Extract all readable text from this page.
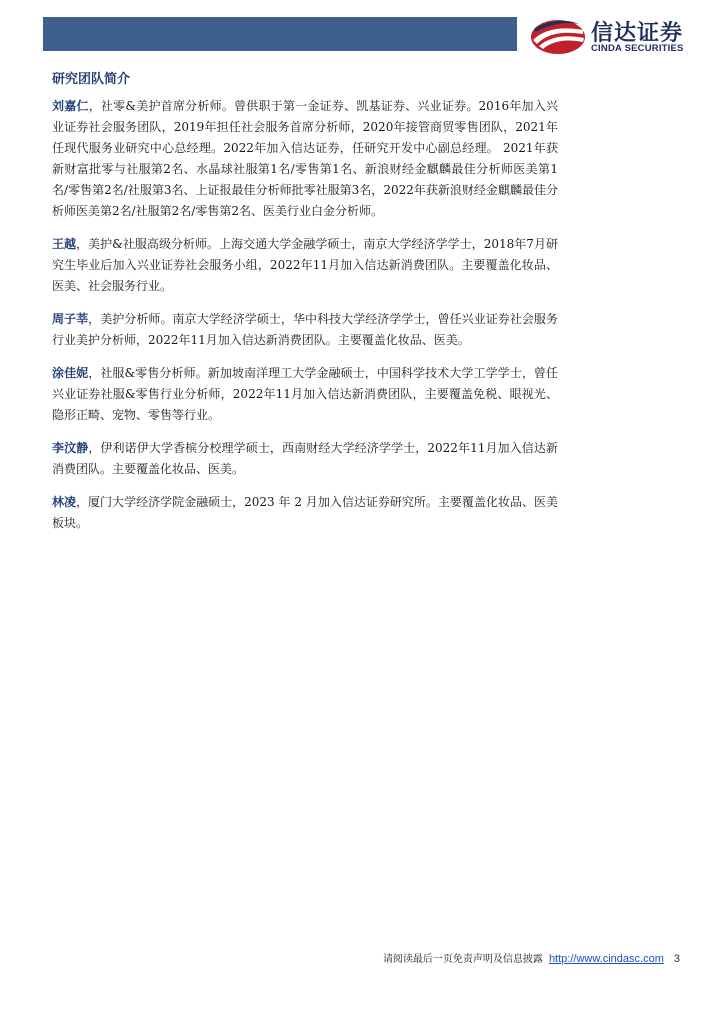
信达证券
CINDA SECURITIES
研究团队简介

刘嘉仁，社零&美护首席分析师。曾供职于第一金证券、凯基证券、兴业证券。2016年加入兴业证券社会服务团队，2019年担任社会服务首席分析师，2020年接管商贸零售团队，2021年任现代服务业研究中心总经理。2022年加入信达证券，任研究开发中心副总经理。 2021年获新财富批零与社服第2名、水晶球社服第1名/零售第1名、新浪财经金麒麟最佳分析师医美第1名/零售第2名/社服第3名、上证报最佳分析师批零社服第3名，2022年获新浪财经金麒麟最佳分析师医美第2名/社服第2名/零售第2名、医美行业白金分析师。

王越，美护&社服高级分析师。上海交通大学金融学硕士，南京大学经济学学士，2018年7月研究生毕业后加入兴业证券社会服务小组，2022年11月加入信达新消费团队。主要覆盖化妆品、医美、社会服务行业。

周子莘，美护分析师。南京大学经济学硕士，华中科技大学经济学学士，曾任兴业证券社会服务行业美护分析师，2022年11月加入信达新消费团队。主要覆盖化妆品、医美。

涂佳妮，社服&零售分析师。新加坡南洋理工大学金融硕士，中国科学技术大学工学学士，曾任兴业证券社服&零售行业分析师，2022年11月加入信达新消费团队，主要覆盖免税、眼视光、隐形正畸、宠物、零售等行业。

李汶静，伊利诺伊大学香槟分校理学硕士，西南财经大学经济学学士，2022年11月加入信达新消费团队。主要覆盖化妆品、医美。

林凌，厦门大学经济学院金融硕士，2023 年 2 月加入信达证券研究所。主要覆盖化妆品、医美板块。

请阅读最后一页免责声明及信息披露 http://www.cindasc.com 3
